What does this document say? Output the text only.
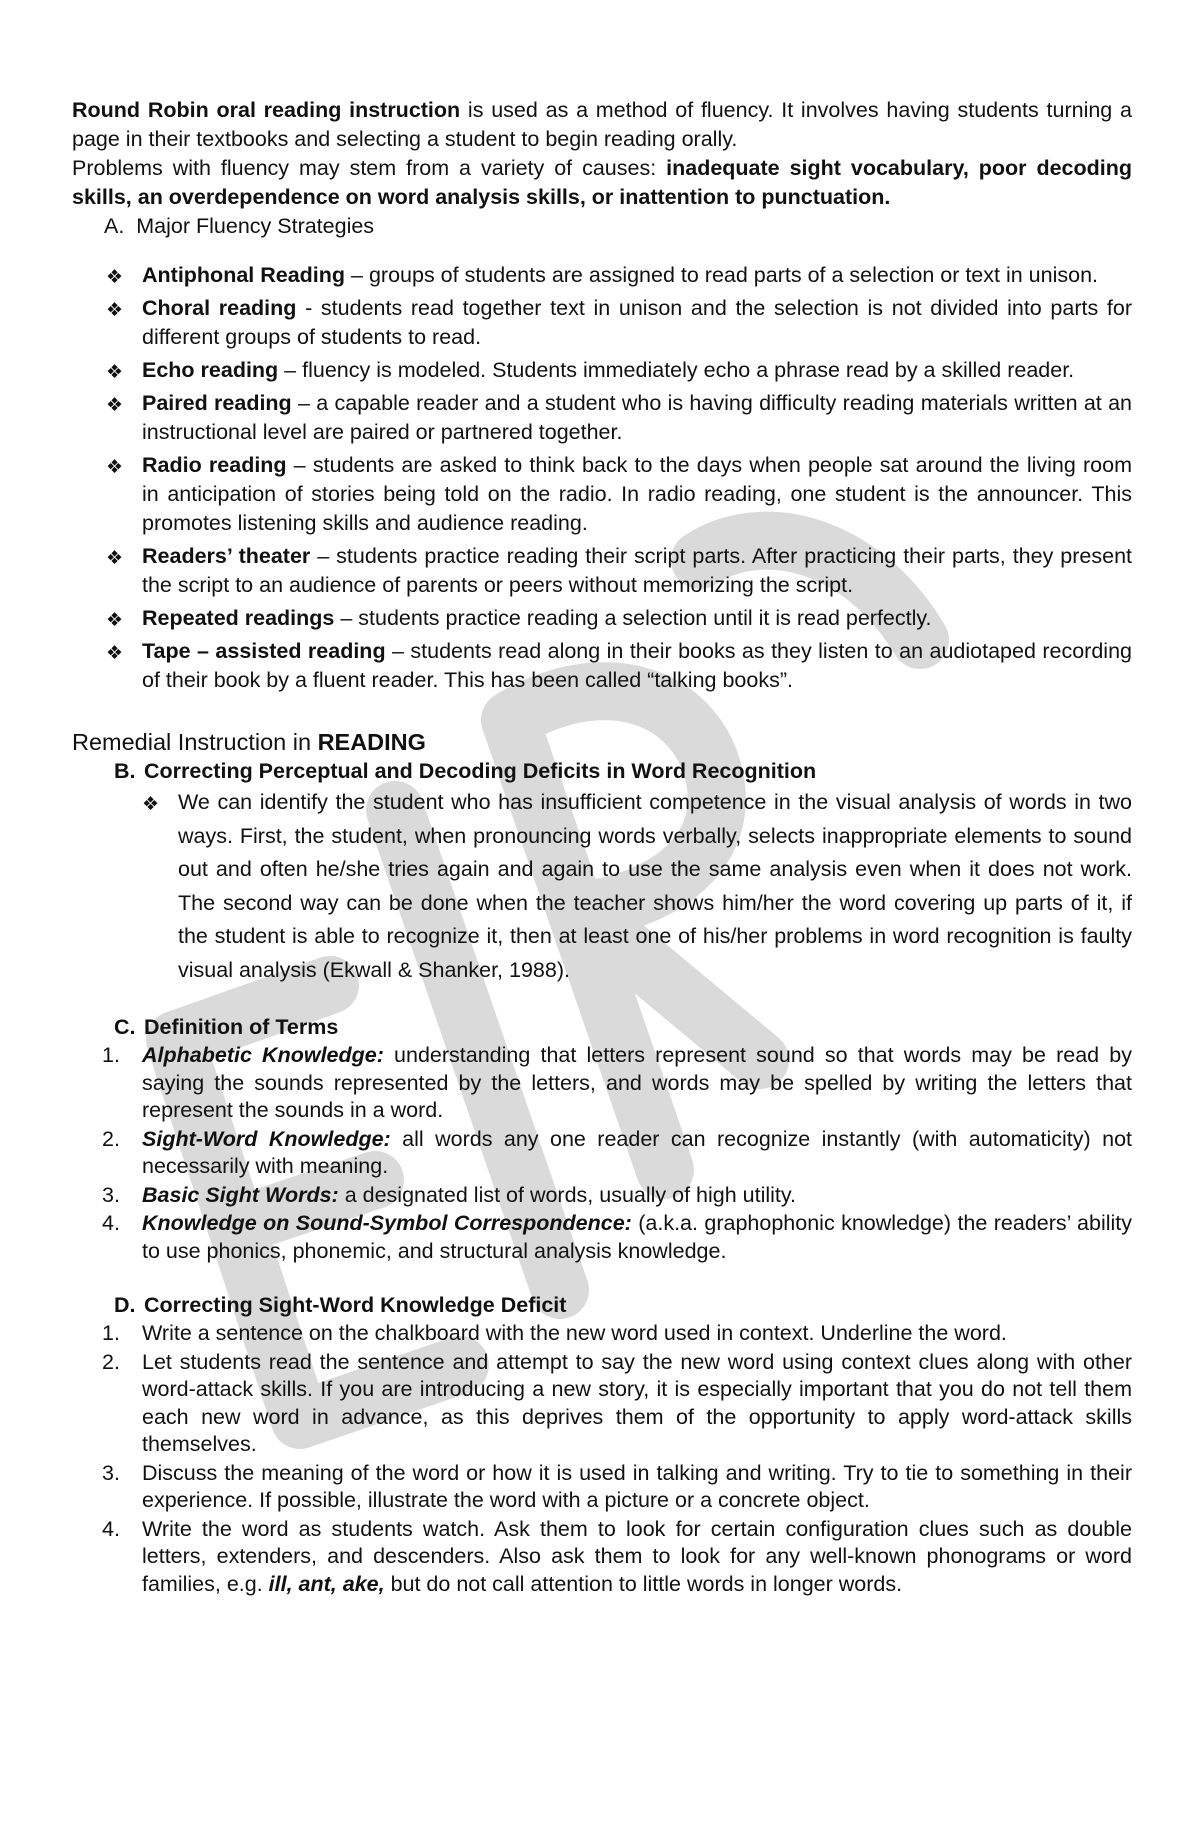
Round Robin oral reading instruction is used as a method of fluency. It involves having students turning a page in their textbooks and selecting a student to begin reading orally.

Problems with fluency may stem from a variety of causes: inadequate sight vocabulary, poor decoding skills, an overdependence on word analysis skills, or inattention to punctuation.

A.  Major Fluency Strategies
❖ Antiphonal Reading – groups of students are assigned to read parts of a selection or text in unison.
❖ Choral reading - students read together text in unison and the selection is not divided into parts for different groups of students to read.
❖ Echo reading – fluency is modeled. Students immediately echo a phrase read by a skilled reader.
❖ Paired reading – a capable reader and a student who is having difficulty reading materials written at an instructional level are paired or partnered together.
❖ Radio reading – students are asked to think back to the days when people sat around the living room in anticipation of stories being told on the radio. In radio reading, one student is the announcer. This promotes listening skills and audience reading.
❖ Readers’ theater – students practice reading their script parts. After practicing their parts, they present the script to an audience of parents or peers without memorizing the script.
❖ Repeated readings – students practice reading a selection until it is read perfectly.
❖ Tape – assisted reading – students read along in their books as they listen to an audiotaped recording of their book by a fluent reader. This has been called “talking books”.
Remedial Instruction in READING
B. Correcting Perceptual and Decoding Deficits in Word Recognition
❖ We can identify the student who has insufficient competence in the visual analysis of words in two ways. First, the student, when pronouncing words verbally, selects inappropriate elements to sound out and often he/she tries again and again to use the same analysis even when it does not work. The second way can be done when the teacher shows him/her the word covering up parts of it, if the student is able to recognize it, then at least one of his/her problems in word recognition is faulty visual analysis (Ekwall & Shanker, 1988).
C. Definition of Terms
1. Alphabetic Knowledge: understanding that letters represent sound so that words may be read by saying the sounds represented by the letters, and words may be spelled by writing the letters that represent the sounds in a word.
2. Sight-Word Knowledge: all words any one reader can recognize instantly (with automaticity) not necessarily with meaning.
3. Basic Sight Words: a designated list of words, usually of high utility.
4. Knowledge on Sound-Symbol Correspondence: (a.k.a. graphophonic knowledge) the readers’ ability to use phonics, phonemic, and structural analysis knowledge.
D. Correcting Sight-Word Knowledge Deficit
1. Write a sentence on the chalkboard with the new word used in context. Underline the word.
2. Let students read the sentence and attempt to say the new word using context clues along with other word-attack skills. If you are introducing a new story, it is especially important that you do not tell them each new word in advance, as this deprives them of the opportunity to apply word-attack skills themselves.
3. Discuss the meaning of the word or how it is used in talking and writing. Try to tie to something in their experience. If possible, illustrate the word with a picture or a concrete object.
4. Write the word as students watch. Ask them to look for certain configuration clues such as double letters, extenders, and descenders. Also ask them to look for any well-known phonograms or word families, e.g. ill, ant, ake, but do not call attention to little words in longer words.
